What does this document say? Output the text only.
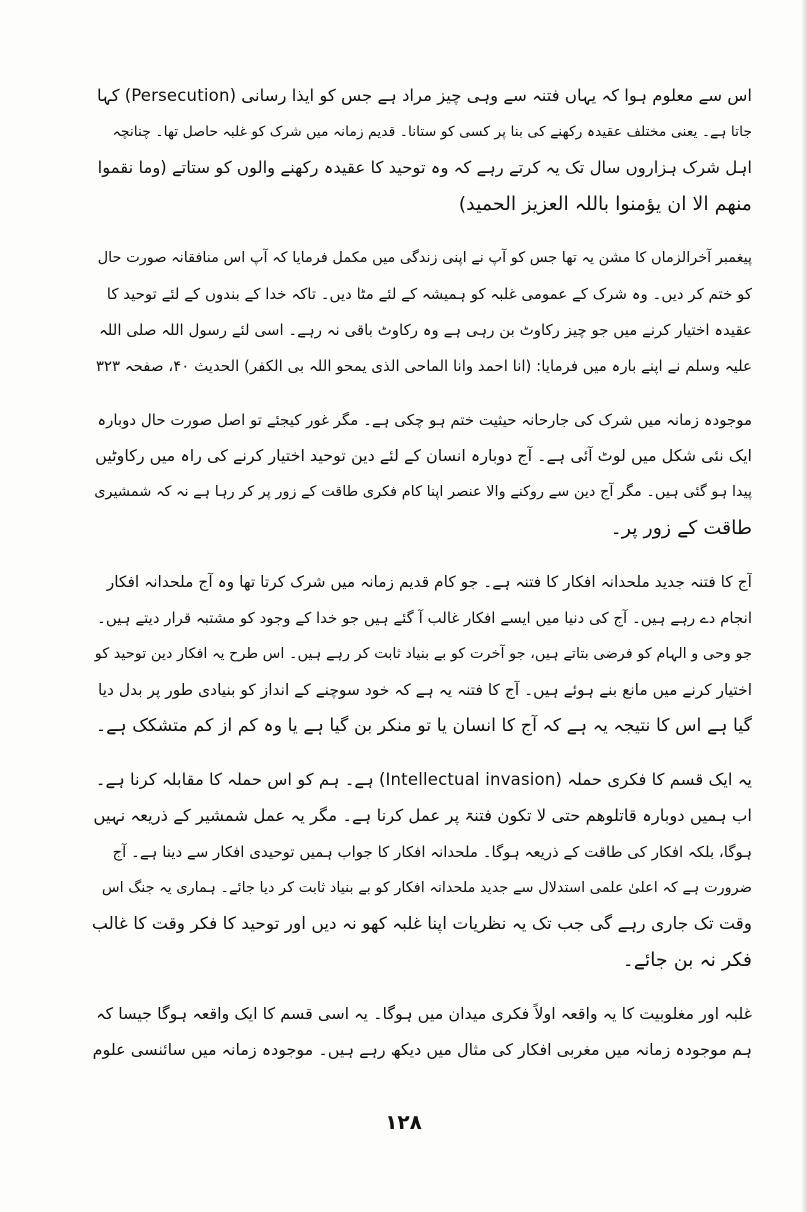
اس سے معلوم ہوا کہ یہاں فتنہ سے وہی چیز مراد ہے جس کو ایذا رسانی (Persecution) کہا
جاتا ہے۔ یعنی مختلف عقیدہ رکھنے کی بنا پر کسی کو ستانا۔ قدیم زمانہ میں شرک کو غلبہ حاصل تھا۔ چنانچہ
اہل شرک ہزاروں سال تک یہ کرتے رہے کہ وہ توحید کا عقیدہ رکھنے والوں کو ستاتے (وما نقموا
منھم الا ان یؤمنوا باللہ العزیز الحمید)
پیغمبر آخرالزماں کا مشن یہ تھا جس کو آپ نے اپنی زندگی میں مکمل فرمایا کہ آپ اس منافقانہ صورت حال
کو ختم کر دیں۔ وہ شرک کے عمومی غلبہ کو ہمیشہ کے لئے مٹا دیں۔ تاکہ خدا کے بندوں کے لئے توحید کا
عقیدہ اختیار کرنے میں جو چیز رکاوٹ بن رہی ہے وہ رکاوٹ باقی نہ رہے۔ اسی لئے رسول اللہ صلی اللہ
علیہ وسلم نے اپنے بارہ میں فرمایا: (انا احمد وانا الماحی الذی یمحو اللہ بی الکفر) الحدیث ۴۰، صفحہ ۳۲۳
موجودہ زمانہ میں شرک کی جارحانہ حیثیت ختم ہو چکی ہے۔ مگر غور کیجئے تو اصل صورت حال دوبارہ
ایک نئی شکل میں لوٹ آئی ہے۔ آج دوبارہ انسان کے لئے دین توحید اختیار کرنے کی راہ میں رکاوٹیں
پیدا ہو گئی ہیں۔ مگر آج دین سے روکنے والا عنصر اپنا کام فکری طاقت کے زور پر کر رہا ہے نہ کہ شمشیری
طاقت کے زور پر۔
آج کا فتنہ جدید ملحدانہ افکار کا فتنہ ہے۔ جو کام قدیم زمانہ میں شرک کرتا تھا وہ آج ملحدانہ افکار
انجام دے رہے ہیں۔ آج کی دنیا میں ایسے افکار غالب آ گئے ہیں جو خدا کے وجود کو مشتبہ قرار دیتے ہیں۔
جو وحی و الہام کو فرضی بتاتے ہیں، جو آخرت کو بے بنیاد ثابت کر رہے ہیں۔ اس طرح یہ افکار دین توحید کو
اختیار کرنے میں مانع بنے ہوئے ہیں۔ آج کا فتنہ یہ ہے کہ خود سوچنے کے انداز کو بنیادی طور پر بدل دیا
گیا ہے اس کا نتیجہ یہ ہے کہ آج کا انسان یا تو منکر بن گیا ہے یا وہ کم از کم متشکک ہے۔
یہ ایک قسم کا فکری حملہ (Intellectual invasion) ہے۔ ہم کو اس حملہ کا مقابلہ کرنا ہے۔
اب ہمیں دوبارہ قاتلوھم حتی لا تکون فتنۃ پر عمل کرنا ہے۔ مگر یہ عمل شمشیر کے ذریعہ نہیں
ہوگا، بلکہ افکار کی طاقت کے ذریعہ ہوگا۔ ملحدانہ افکار کا جواب ہمیں توحیدی افکار سے دینا ہے۔ آج
ضرورت ہے کہ اعلیٰ علمی استدلال سے جدید ملحدانہ افکار کو بے بنیاد ثابت کر دیا جائے۔ ہماری یہ جنگ اس
وقت تک جاری رہے گی جب تک یہ نظریات اپنا غلبہ کھو نہ دیں اور توحید کا فکر وقت کا غالب
فکر نہ بن جائے۔
غلبہ اور مغلوبیت کا یہ واقعہ اولاً فکری میدان میں ہوگا۔ یہ اسی قسم کا ایک واقعہ ہوگا جیسا کہ
ہم موجودہ زمانہ میں مغربی افکار کی مثال میں دیکھ رہے ہیں۔ موجودہ زمانہ میں سائنسی علوم
۱۲۸
